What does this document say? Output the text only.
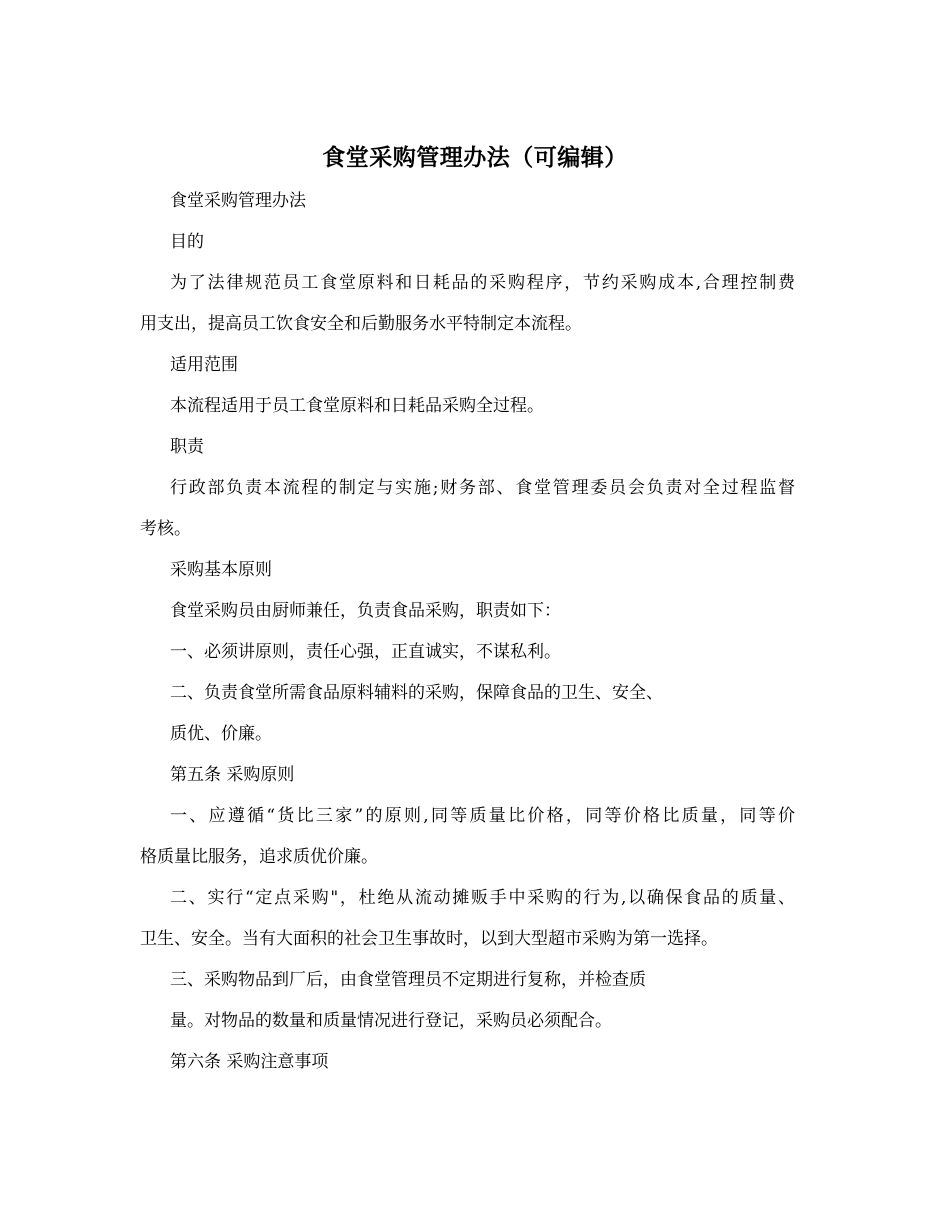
食堂采购管理办法（可编辑）
食堂采购管理办法
目的
为了法律规范员工食堂原料和日耗品的采购程序，节约采购成本,合理控制费
用支出，提高员工饮食安全和后勤服务水平特制定本流程。
适用范围
本流程适用于员工食堂原料和日耗品采购全过程。
职责
行政部负责本流程的制定与实施;财务部、食堂管理委员会负责对全过程监督
考核。
采购基本原则
食堂采购员由厨师兼任，负责食品采购，职责如下：
一、必须讲原则，责任心强，正直诚实，不谋私利。
二、负责食堂所需食品原料辅料的采购，保障食品的卫生、安全、
质优、价廉。
第五条 采购原则
一、应遵循“货比三家”的原则,同等质量比价格，同等价格比质量，同等价
格质量比服务，追求质优价廉。
二、实行“定点采购"，杜绝从流动摊贩手中采购的行为,以确保食品的质量、
卫生、安全。当有大面积的社会卫生事故时，以到大型超市采购为第一选择。
三、采购物品到厂后，由食堂管理员不定期进行复称，并检查质
量。对物品的数量和质量情况进行登记，采购员必须配合。
第六条 采购注意事项
